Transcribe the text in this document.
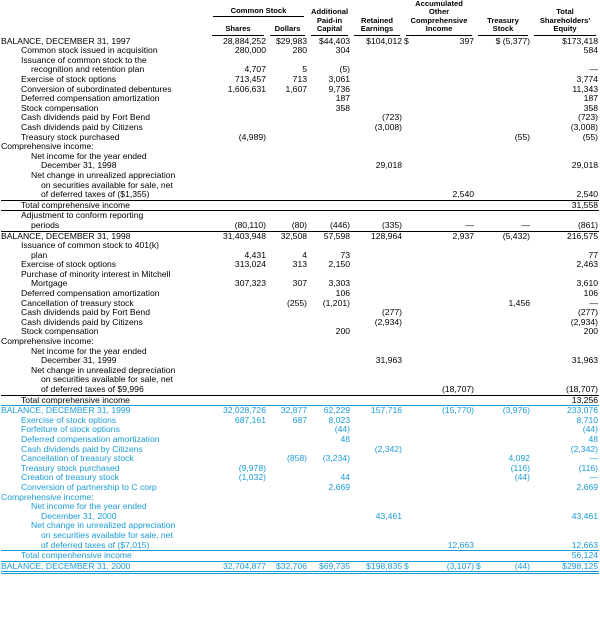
	Common Stock		Additional Paid-in Capital	Retained Earnings	Accumulated Other Comprehensive Income	Treasury Stock	Total Shareholders' Equity

	Shares	Dollars					

BALANCE, DECEMBER 31, 1997	28,884,252	$29,983	$44,403	$104,012	$ 397	$ (5,377)	$173,418
Common stock issued in acquisition	280,000	280	304				584
Issuance of common stock to the							
recognition and retention plan	4,707	5	(5)				—
Exercise of stock options	713,457	713	3,061				3,774
Conversion of subordinated debentures	1,606,631	1,607	9,736				11,343
Deferred compensation amortization			187				187
Stock compensation			358				358
Cash dividends paid by Fort Bend				(723)			(723)
Cash dividends paid by Citizens				(3,008)			(3,008)
Treasury stock purchased	(4,989)					(55)	(55)
Comprehensive income:							
Net income for the year ended							
December 31, 1998				29,018			29,018
Net change in unrealized appreciation							
on securities available for sale, net							
of deferred taxes of ($1,355)					2,540		2,540
Total comprehensive income							31,558
Adjustment to conform reporting							
periods	(80,110)	(80)	(446)	(335)	—	—	(861)
BALANCE, DECEMBER 31, 1998	31,403,948	32,508	57,598	128,964	2,937	(5,432)	216,575
Issuance of common stock to 401(k)							
plan	4,431	4	73				77
Exercise of stock options	313,024	313	2,150				2,463
Purchase of minority interest in Mitchell							
Mortgage	307,323	307	3,303				3,610
Deferred compensation amortization			106				106
Cancellation of treasury stock		(255)	(1,201)			1,456	—
Cash dividends paid by Fort Bend				(277)			(277)
Cash dividends paid by Citizens				(2,934)			(2,934)
Stock compensation			200				200
Comprehensive income:							
Net income for the year ended							
December 31, 1999				31,963			31,963
Net change in unrealized depreciation							
on securities available for sale, net							
of deferred taxes of $9,996					(18,707)		(18,707)
Total comprehensive income							13,256
BALANCE, DECEMBER 31, 1999	32,028,726	32,877	62,229	157,716	(15,770)	(3,976)	233,076
Exercise of stock options	687,161	687	8,023				8,710
Forfeiture of stock options			(44)				(44)
Deferred compensation amortization			48				48
Cash dividends paid by Citizens				(2,342)			(2,342)
Cancellation of treasury stock		(858)	(3,234)			4,092	—
Treasury stock purchased	(9,978)					(116)	(116)
Creation of treasury stock	(1,032)		44			(44)	—
Conversion of partnership to C corp			2,669				2,669
Comprehensive income:							
Net income for the year ended							
December 31, 2000				43,461			43,461
Net change in unrealized appreciation							
on securities available for sale, net							
of deferred taxes of ($7,015)					12,663		12,663
Total compenhensive income							56,124
BALANCE, DECEMBER 31, 2000	32,704,877	$32,706	$69,735	$198,835	$ (3,107)	$ (44)	$298,125
